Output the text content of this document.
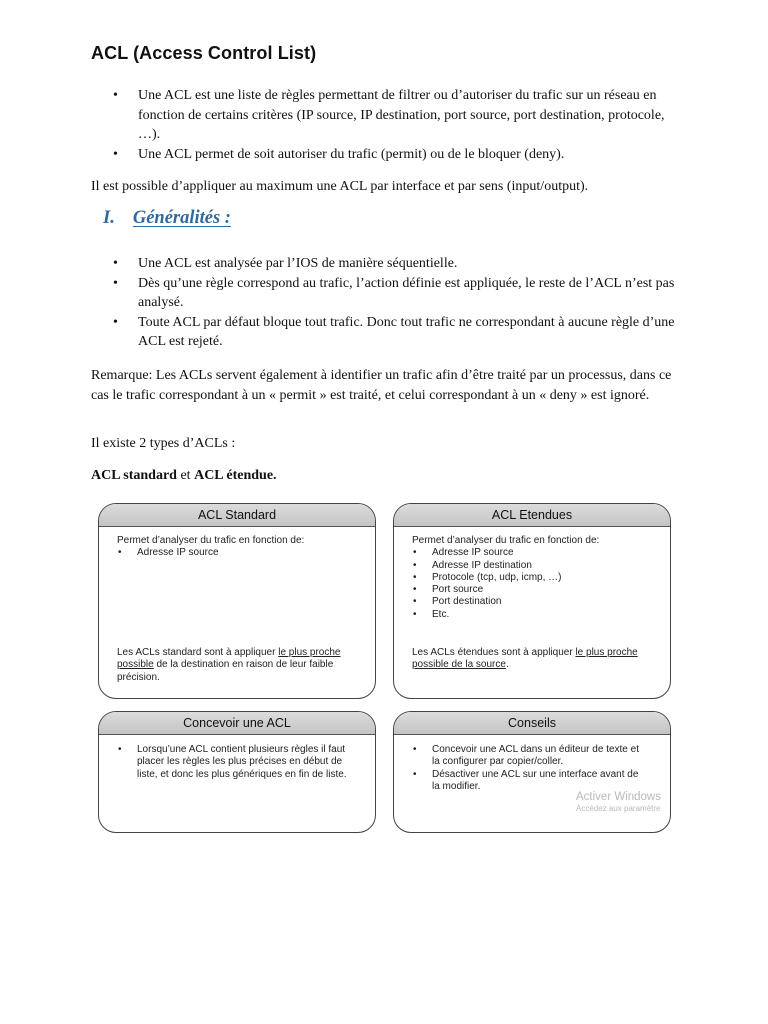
ACL (Access Control List)
• Une ACL est une liste de règles permettant de filtrer ou d’autoriser du trafic sur un réseau en fonction de certains critères (IP source, IP destination, port source, port destination, protocole, …).
• Une ACL permet de soit autoriser du trafic (permit) ou de le bloquer (deny).

Il est possible d’appliquer au maximum une ACL par interface et par sens (input/output).

I. Généralités :
• Une ACL est analysée par l’IOS de manière séquentielle.
• Dès qu’une règle correspond au trafic, l’action définie est appliquée, le reste de l’ACL n’est pas analysé.
• Toute ACL par défaut bloque tout trafic. Donc tout trafic ne correspondant à aucune règle d’une ACL est rejeté.

Remarque: Les ACLs servent également à identifier un trafic afin d’être traité par un processus, dans ce cas le trafic correspondant à un « permit » est traité, et celui correspondant à un « deny » est ignoré.

Il existe 2 types d’ACLs :

ACL standard et ACL étendue.

ACL Standard
Permet d’analyser du trafic en fonction de:
• Adresse IP source
Les ACLs standard sont à appliquer le plus proche possible de la destination en raison de leur faible précision.
ACL Etendues
Permet d’analyser du trafic en fonction de:
• Adresse IP source
• Adresse IP destination
• Protocole (tcp, udp, icmp, …)
• Port source
• Port destination
• Etc.
Les ACLs étendues sont à appliquer le plus proche possible de la source.
Concevoir une ACL
• Lorsqu’une ACL contient plusieurs règles il faut placer les règles les plus précises en début de liste, et donc les plus génériques en fin de liste.
Conseils
• Concevoir une ACL dans un éditeur de texte et la configurer par copier/coller.
• Désactiver une ACL sur une interface avant de la modifier.
Activer Windows
Accédez aux paramètre
